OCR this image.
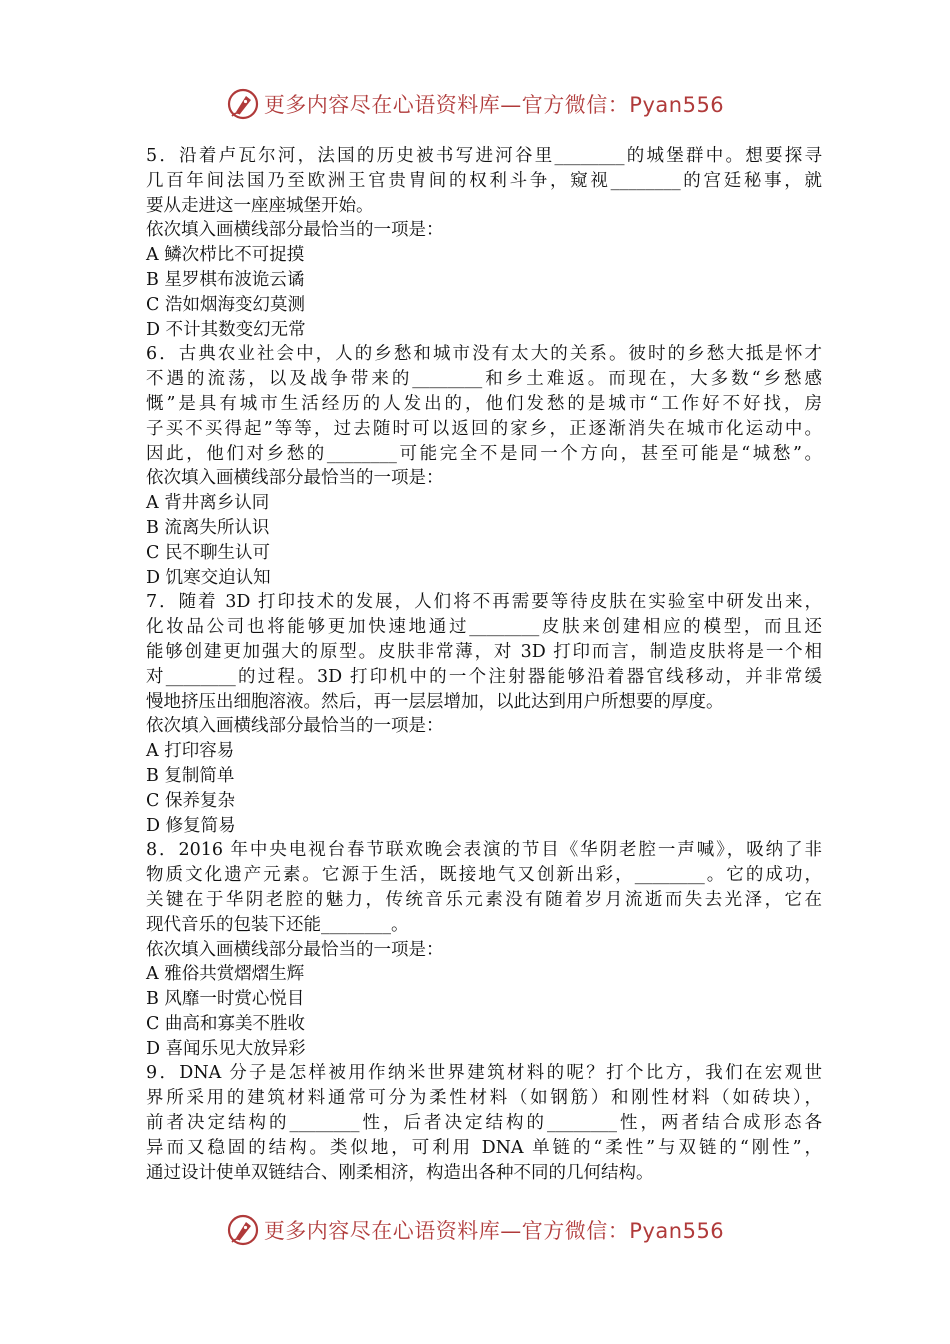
更多内容尽在心语资料库—官方微信：Pyan556
5．沿着卢瓦尔河，法国的历史被书写进河谷里________的城堡群中。想要探寻
几百年间法国乃至欧洲王官贵胄间的权利斗争，窥视________的宫廷秘事，就
要从走进这一座座城堡开始。
依次填入画横线部分最恰当的一项是：
A 鳞次栉比不可捉摸
B 星罗棋布波诡云谲
C 浩如烟海变幻莫测
D 不计其数变幻无常
6．古典农业社会中，人的乡愁和城市没有太大的关系。彼时的乡愁大抵是怀才
不遇的流荡，以及战争带来的________和乡土难返。而现在，大多数“乡愁感
慨”是具有城市生活经历的人发出的，他们发愁的是城市“工作好不好找，房
子买不买得起”等等，过去随时可以返回的家乡，正逐渐消失在城市化运动中。
因此，他们对乡愁的________可能完全不是同一个方向，甚至可能是“城愁”。
依次填入画横线部分最恰当的一项是：
A 背井离乡认同
B 流离失所认识
C 民不聊生认可
D 饥寒交迫认知
7．随着 3D 打印技术的发展，人们将不再需要等待皮肤在实验室中研发出来，
化妆品公司也将能够更加快速地通过________皮肤来创建相应的模型，而且还
能够创建更加强大的原型。皮肤非常薄，对 3D 打印而言，制造皮肤将是一个相
对________的过程。3D 打印机中的一个注射器能够沿着器官线移动，并非常缓
慢地挤压出细胞溶液。然后，再一层层增加，以此达到用户所想要的厚度。
依次填入画横线部分最恰当的一项是：
A 打印容易
B 复制简单
C 保养复杂
D 修复简易
8．2016 年中央电视台春节联欢晚会表演的节目《华阴老腔一声喊》，吸纳了非
物质文化遗产元素。它源于生活，既接地气又创新出彩，________。它的成功，
关键在于华阴老腔的魅力，传统音乐元素没有随着岁月流逝而失去光泽，它在
现代音乐的包装下还能________。
依次填入画横线部分最恰当的一项是：
A 雅俗共赏熠熠生辉
B 风靡一时赏心悦目
C 曲高和寡美不胜收
D 喜闻乐见大放异彩
9．DNA 分子是怎样被用作纳米世界建筑材料的呢？打个比方，我们在宏观世
界所采用的建筑材料通常可分为柔性材料（如钢筋）和刚性材料（如砖块），
前者决定结构的________性，后者决定结构的________性，两者结合成形态各
异而又稳固的结构。类似地，可利用 DNA 单链的“柔性”与双链的“刚性”，
通过设计使单双链结合、刚柔相济，构造出各种不同的几何结构。
更多内容尽在心语资料库—官方微信：Pyan556
